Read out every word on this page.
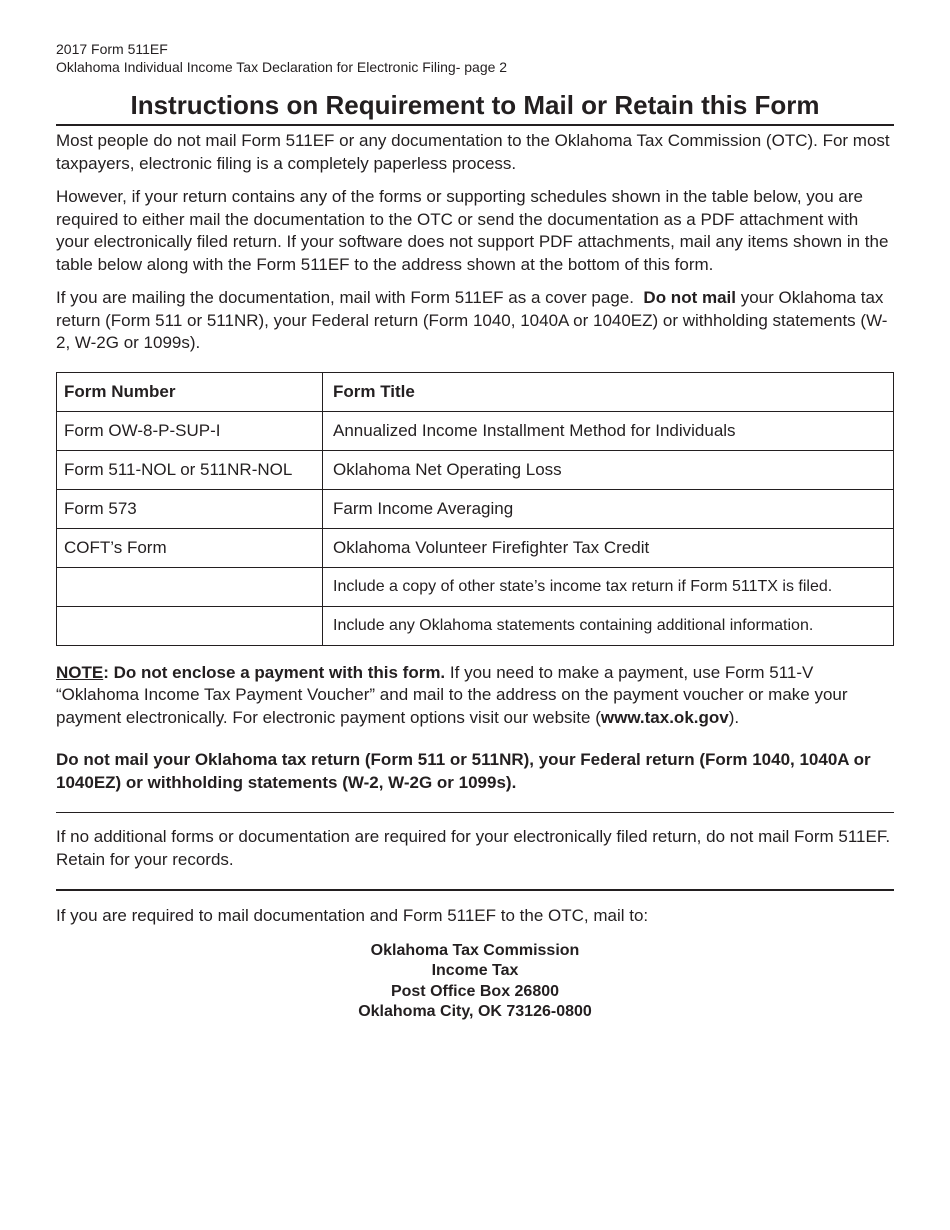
2017 Form 511EF
Oklahoma Individual Income Tax Declaration for Electronic Filing- page 2
Instructions on Requirement to Mail or Retain this Form

Most people do not mail Form 511EF or any documentation to the Oklahoma Tax Commission (OTC). For most taxpayers, electronic filing is a completely paperless process.

However, if your return contains any of the forms or supporting schedules shown in the table below, you are required to either mail the documentation to the OTC or send the documentation as a PDF attachment with your electronically filed return. If your software does not support PDF attachments, mail any items shown in the table below along with the Form 511EF to the address shown at the bottom of this form.

If you are mailing the documentation, mail with Form 511EF as a cover page. Do not mail your Oklahoma tax return (Form 511 or 511NR), your Federal return (Form 1040, 1040A or 1040EZ) or withholding statements (W-2, W-2G or 1099s).

Form Number	Form Title
Form OW-8-P-SUP-I	Annualized Income Installment Method for Individuals
Form 511-NOL or 511NR-NOL	Oklahoma Net Operating Loss
Form 573	Farm Income Averaging
COFT’s Form	Oklahoma Volunteer Firefighter Tax Credit
	Include a copy of other state’s income tax return if Form 511TX is filed.
	Include any Oklahoma statements containing additional information.

NOTE: Do not enclose a payment with this form. If you need to make a payment, use Form 511-V “Oklahoma Income Tax Payment Voucher” and mail to the address on the payment voucher or make your payment electronically. For electronic payment options visit our website (www.tax.ok.gov).

Do not mail your Oklahoma tax return (Form 511 or 511NR), your Federal return (Form 1040, 1040A or 1040EZ) or withholding statements (W-2, W-2G or 1099s).

If no additional forms or documentation are required for your electronically filed return, do not mail Form 511EF. Retain for your records.

If you are required to mail documentation and Form 511EF to the OTC, mail to:

Oklahoma Tax Commission
Income Tax
Post Office Box 26800
Oklahoma City, OK 73126-0800
